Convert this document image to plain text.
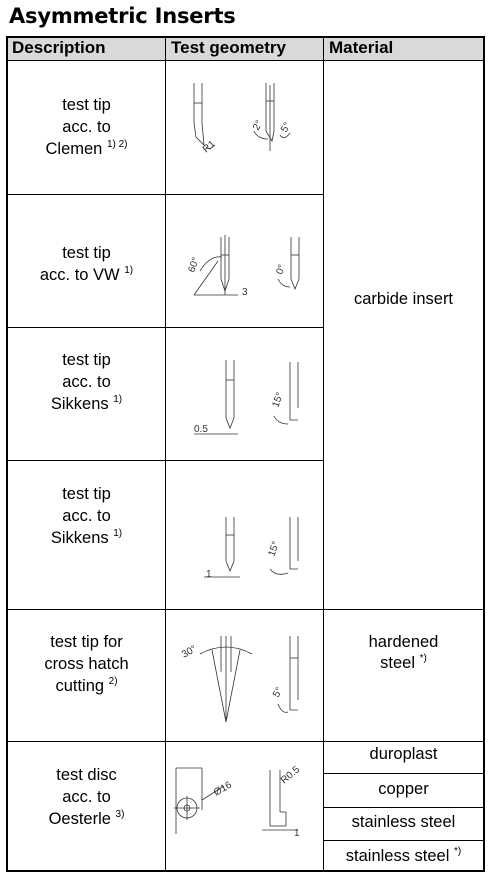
Asymmetric Inserts
Description	Test geometry	Material
test tip
acc. to
Clemen $^{1) 2)}$
test tip
acc. to VW $^{1)}$
test tip
acc. to
Sikkens $^{1)}$
test tip
acc. to
Sikkens $^{1)}$
test tip for
cross hatch
cutting $^{2)}$
test disc
acc. to
Oesterle $^{3)}$
carbide insert
hardened
steel *)
duroplast
copper
stainless steel
stainless steel *)
R1
2° 5°
60°
3
0°
0.5
15°
1
15°
30°
5°
Ø16
R0.5
1
